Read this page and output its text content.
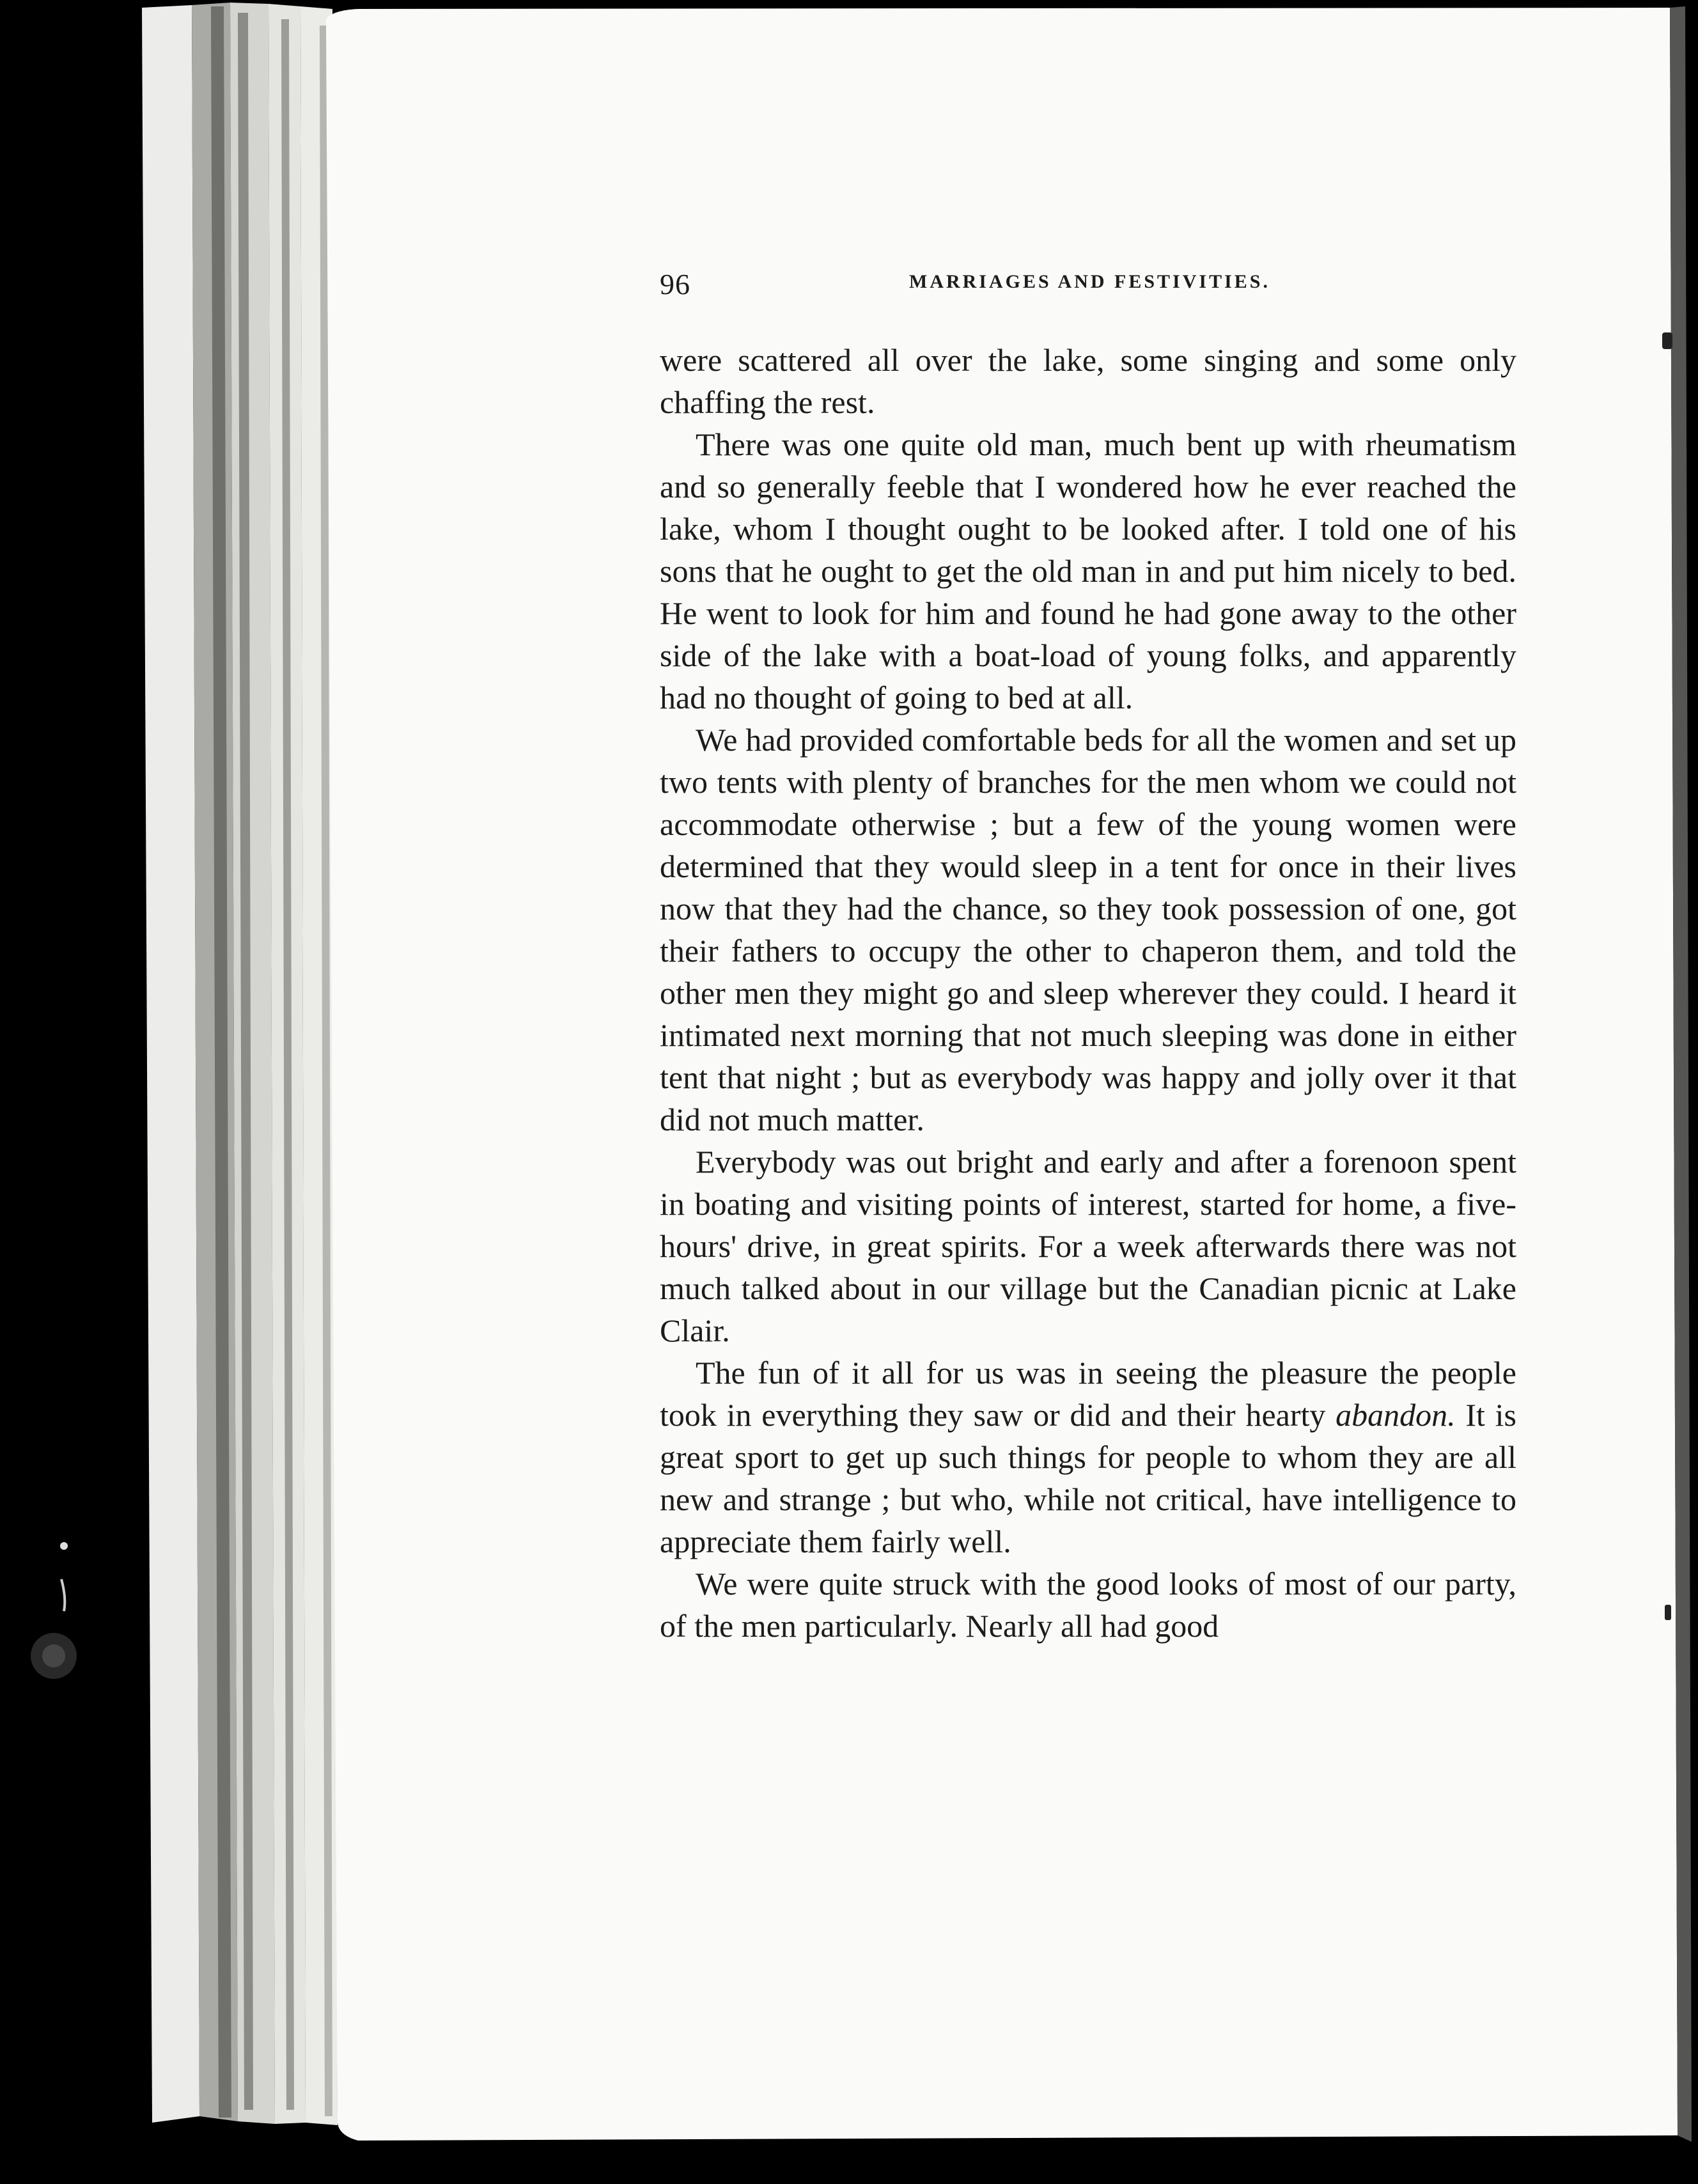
96	MARRIAGES AND FESTIVITIES.

were scattered all over the lake, some singing and some only chaffing the rest.

There was one quite old man, much bent up with rheumatism and so generally feeble that I wondered how he ever reached the lake, whom I thought ought to be looked after. I told one of his sons that he ought to get the old man in and put him nicely to bed. He went to look for him and found he had gone away to the other side of the lake with a boat-load of young folks, and apparently had no thought of going to bed at all.

We had provided comfortable beds for all the women and set up two tents with plenty of branches for the men whom we could not accommodate otherwise ; but a few of the young women were determined that they would sleep in a tent for once in their lives now that they had the chance, so they took possession of one, got their fathers to occupy the other to chaperon them, and told the other men they might go and sleep wherever they could. I heard it intimated next morning that not much sleeping was done in either tent that night ; but as everybody was happy and jolly over it that did not much matter.

Everybody was out bright and early and after a forenoon spent in boating and visiting points of interest, started for home, a five-hours' drive, in great spirits. For a week afterwards there was not much talked about in our village but the Canadian picnic at Lake Clair.

The fun of it all for us was in seeing the pleasure the people took in everything they saw or did and their hearty abandon. It is great sport to get up such things for people to whom they are all new and strange ; but who, while not critical, have intelligence to appreciate them fairly well.

We were quite struck with the good looks of most of our party, of the men particularly. Nearly all had good
